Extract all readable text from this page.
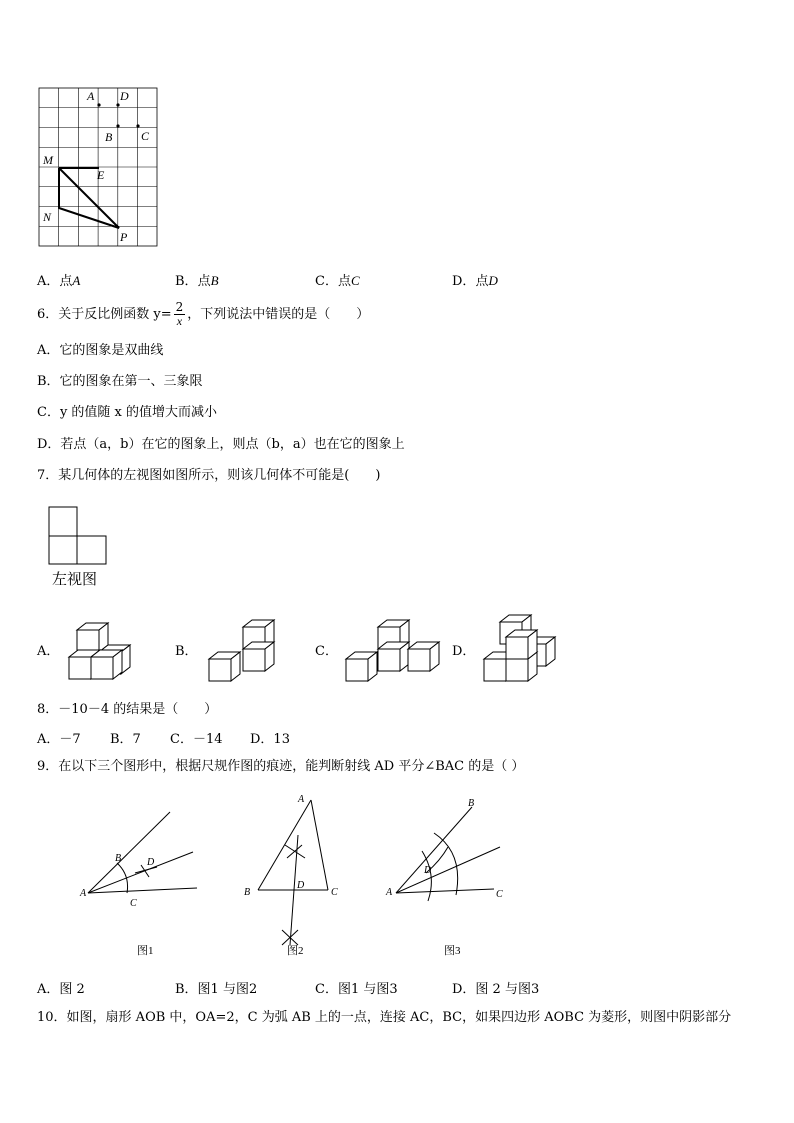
A D
B C
M
E
N
P
A．点A	B．点B	C．点C	D．点D
6．关于反比例函数 $y= \frac{2}{x}$ ，下列说法中错误的是（　　）
A．它的图象是双曲线
B．它的图象在第一、三象限
C．y 的值随 x 的值增大而减小
D．若点（a，b）在它的图象上，则点（b，a）也在它的图象上
7．某几何体的左视图如图所示，则该几何体不可能是(　　)
左视图
A．	B．	C．	D．
8．－10－4 的结果是（　　）
A．－7 B．7 C．－14 D．13
9．在以下三个图形中，根据尺规作图的痕迹，能判断射线 AD 平分∠BAC 的是（ ）
B	D
A
C
图1
A
B
D
C
图2
B
D
A	C
图3
A．图 2	B．图1 与图2	C．图1 与图3	D．图 2 与图3
10．如图，扇形 AOB 中，OA=2，C 为弧 AB 上的一点，连接 AC，BC，如果四边形 AOBC 为菱形，则图中阴影部分
